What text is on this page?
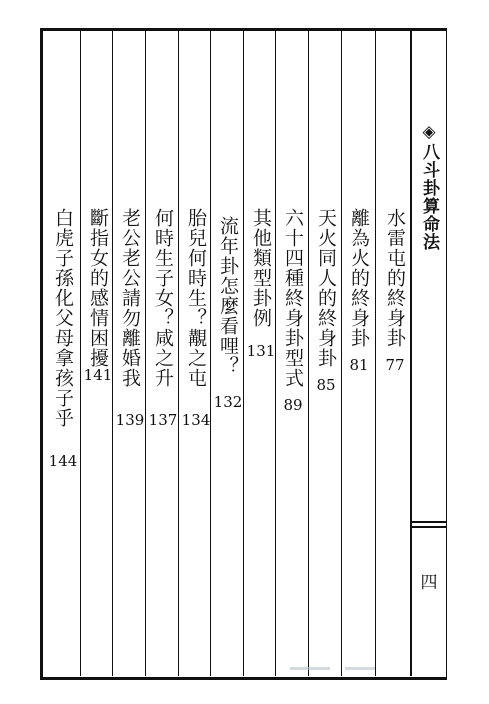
◈八斗卦算命法
四
水雷屯的終身卦
77
離為火的終身卦
81
天火同人的終身卦
85
六十四種終身卦型式
89
其他類型卦例
131
流年卦怎麼看哩？
132
胎兒何時生？覯之屯
134
何時生子女？咸之升
137
老公老公請勿離婚我
139
斷指女的感情困擾
141
白虎子孫化父母拿孩子乎
144
